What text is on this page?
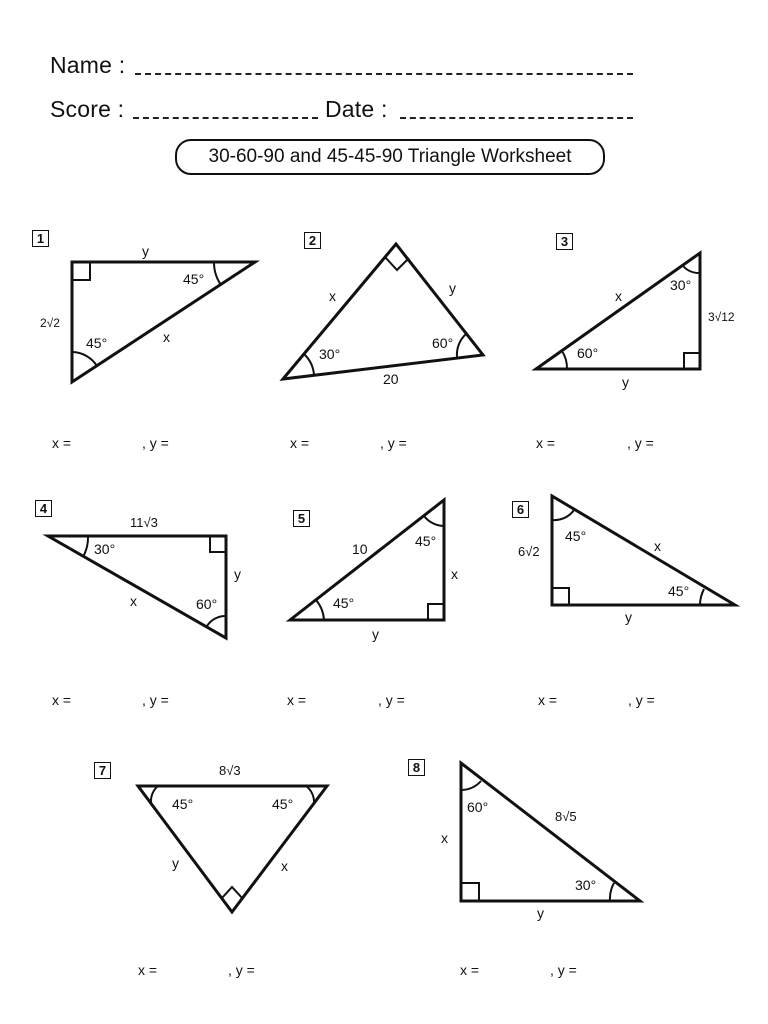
Name :
Score :	Date :
30-60-90 and 45-45-90 Triangle Worksheet
1	2	3
4
5
6
7	8
y
2√2
x
45°
45°
x	y
20
30°
60°
x
3√12
y
60°
30°
11√3
y
x
30°
60°
10
x
y
45°
45°
6√2	x
y
45°
45°
8√3
y	x
45°	45°
x
8√5
y
60°
30°
x =	, y =	x =	, y =	x =	, y =
x =	, y =	x =	, y =	x =	, y =
x =	, y =	x =	, y =
